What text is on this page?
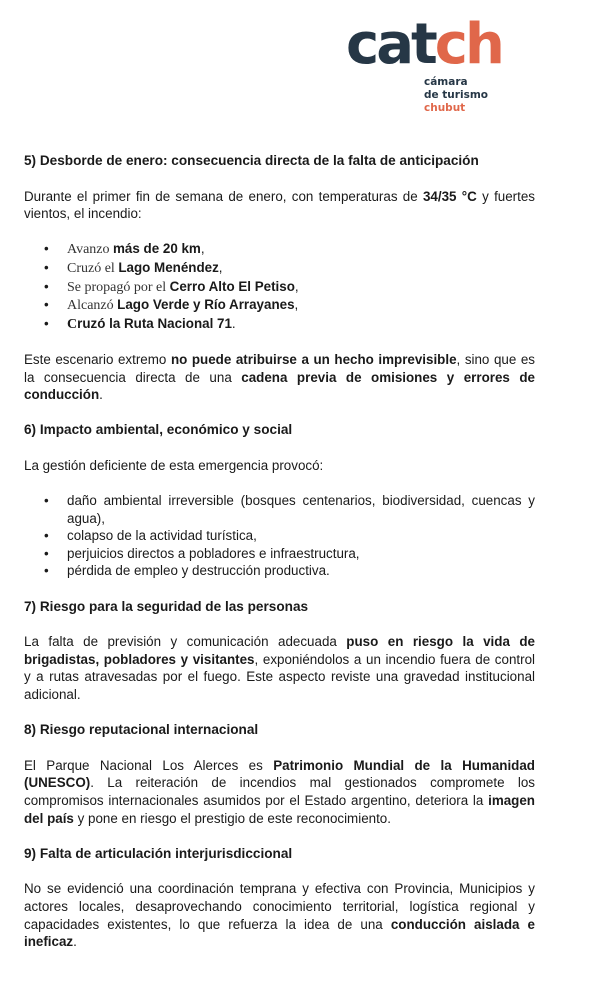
catch
cámara
de turismo
chubut
5) Desborde de enero: consecuencia directa de la falta de anticipación

Durante el primer fin de semana de enero, con temperaturas de 34/35 °C y fuertes vientos, el incendio:

• Avanzo más de 20 km,
• Cruzó el Lago Menéndez,
• Se propagó por el Cerro Alto El Petiso,
• Alcanzó Lago Verde y Río Arrayanes,
• Cruzó la Ruta Nacional 71.

Este escenario extremo no puede atribuirse a un hecho imprevisible, sino que es la consecuencia directa de una cadena previa de omisiones y errores de conducción.

6) Impacto ambiental, económico y social

La gestión deficiente de esta emergencia provocó:

• daño ambiental irreversible (bosques centenarios, biodiversidad, cuencas y agua),
• colapso de la actividad turística,
• perjuicios directos a pobladores e infraestructura,
• pérdida de empleo y destrucción productiva.
7) Riesgo para la seguridad de las personas

La falta de previsión y comunicación adecuada puso en riesgo la vida de brigadistas, pobladores y visitantes, exponiéndolos a un incendio fuera de control y a rutas atravesadas por el fuego. Este aspecto reviste una gravedad institucional adicional.

8) Riesgo reputacional internacional

El Parque Nacional Los Alerces es Patrimonio Mundial de la Humanidad (UNESCO). La reiteración de incendios mal gestionados compromete los compromisos internacionales asumidos por el Estado argentino, deteriora la imagen del país y pone en riesgo el prestigio de este reconocimiento.

9) Falta de articulación interjurisdiccional

No se evidenció una coordinación temprana y efectiva con Provincia, Municipios y actores locales, desaprovechando conocimiento territorial, logística regional y capacidades existentes, lo que refuerza la idea de una conducción aislada e ineficaz.
